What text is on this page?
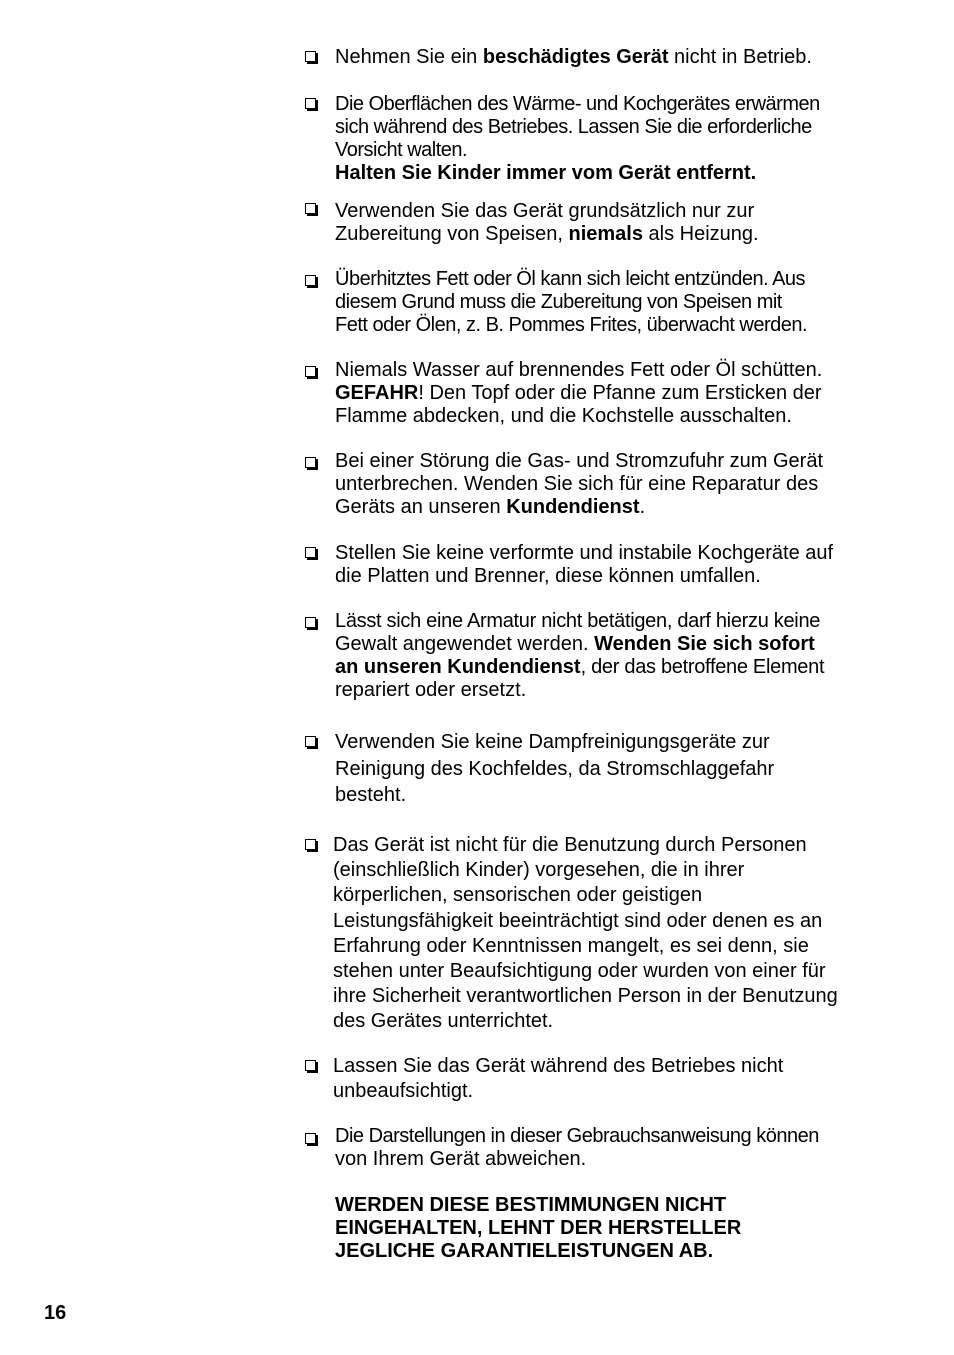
Nehmen Sie ein beschädigtes Gerät nicht in Betrieb.
Die Oberflächen des Wärme- und Kochgerätes erwärmen
sich während des Betriebes. Lassen Sie die erforderliche
Vorsicht walten.
Halten Sie Kinder immer vom Gerät entfernt.
Verwenden Sie das Gerät grundsätzlich nur zur
Zubereitung von Speisen, niemals als Heizung.
Überhitztes Fett oder Öl kann sich leicht entzünden. Aus
diesem Grund muss die Zubereitung von Speisen mit
Fett oder Ölen, z. B. Pommes Frites, überwacht werden.
Niemals Wasser auf brennendes Fett oder Öl schütten.
GEFAHR! Den Topf oder die Pfanne zum Ersticken der
Flamme abdecken, und die Kochstelle ausschalten.
Bei einer Störung die Gas- und Stromzufuhr zum Gerät
unterbrechen. Wenden Sie sich für eine Reparatur des
Geräts an unseren Kundendienst.
Stellen Sie keine verformte und instabile Kochgeräte auf
die Platten und Brenner, diese können umfallen.
Lässt sich eine Armatur nicht betätigen, darf hierzu keine
Gewalt angewendet werden. Wenden Sie sich sofort
an unseren Kundendienst, der das betroffene Element
repariert oder ersetzt.
Verwenden Sie keine Dampfreinigungsgeräte zur
Reinigung des Kochfeldes, da Stromschlaggefahr
besteht.
Das Gerät ist nicht für die Benutzung durch Personen
(einschließlich Kinder) vorgesehen, die in ihrer
körperlichen, sensorischen oder geistigen
Leistungsfähigkeit beeinträchtigt sind oder denen es an
Erfahrung oder Kenntnissen mangelt, es sei denn, sie
stehen unter Beaufsichtigung oder wurden von einer für
ihre Sicherheit verantwortlichen Person in der Benutzung
des Gerätes unterrichtet.
Lassen Sie das Gerät während des Betriebes nicht
unbeaufsichtigt.
Die Darstellungen in dieser Gebrauchsanweisung können
von Ihrem Gerät abweichen.
WERDEN DIESE BESTIMMUNGEN NICHT
EINGEHALTEN, LEHNT DER HERSTELLER
JEGLICHE GARANTIELEISTUNGEN AB.
16
